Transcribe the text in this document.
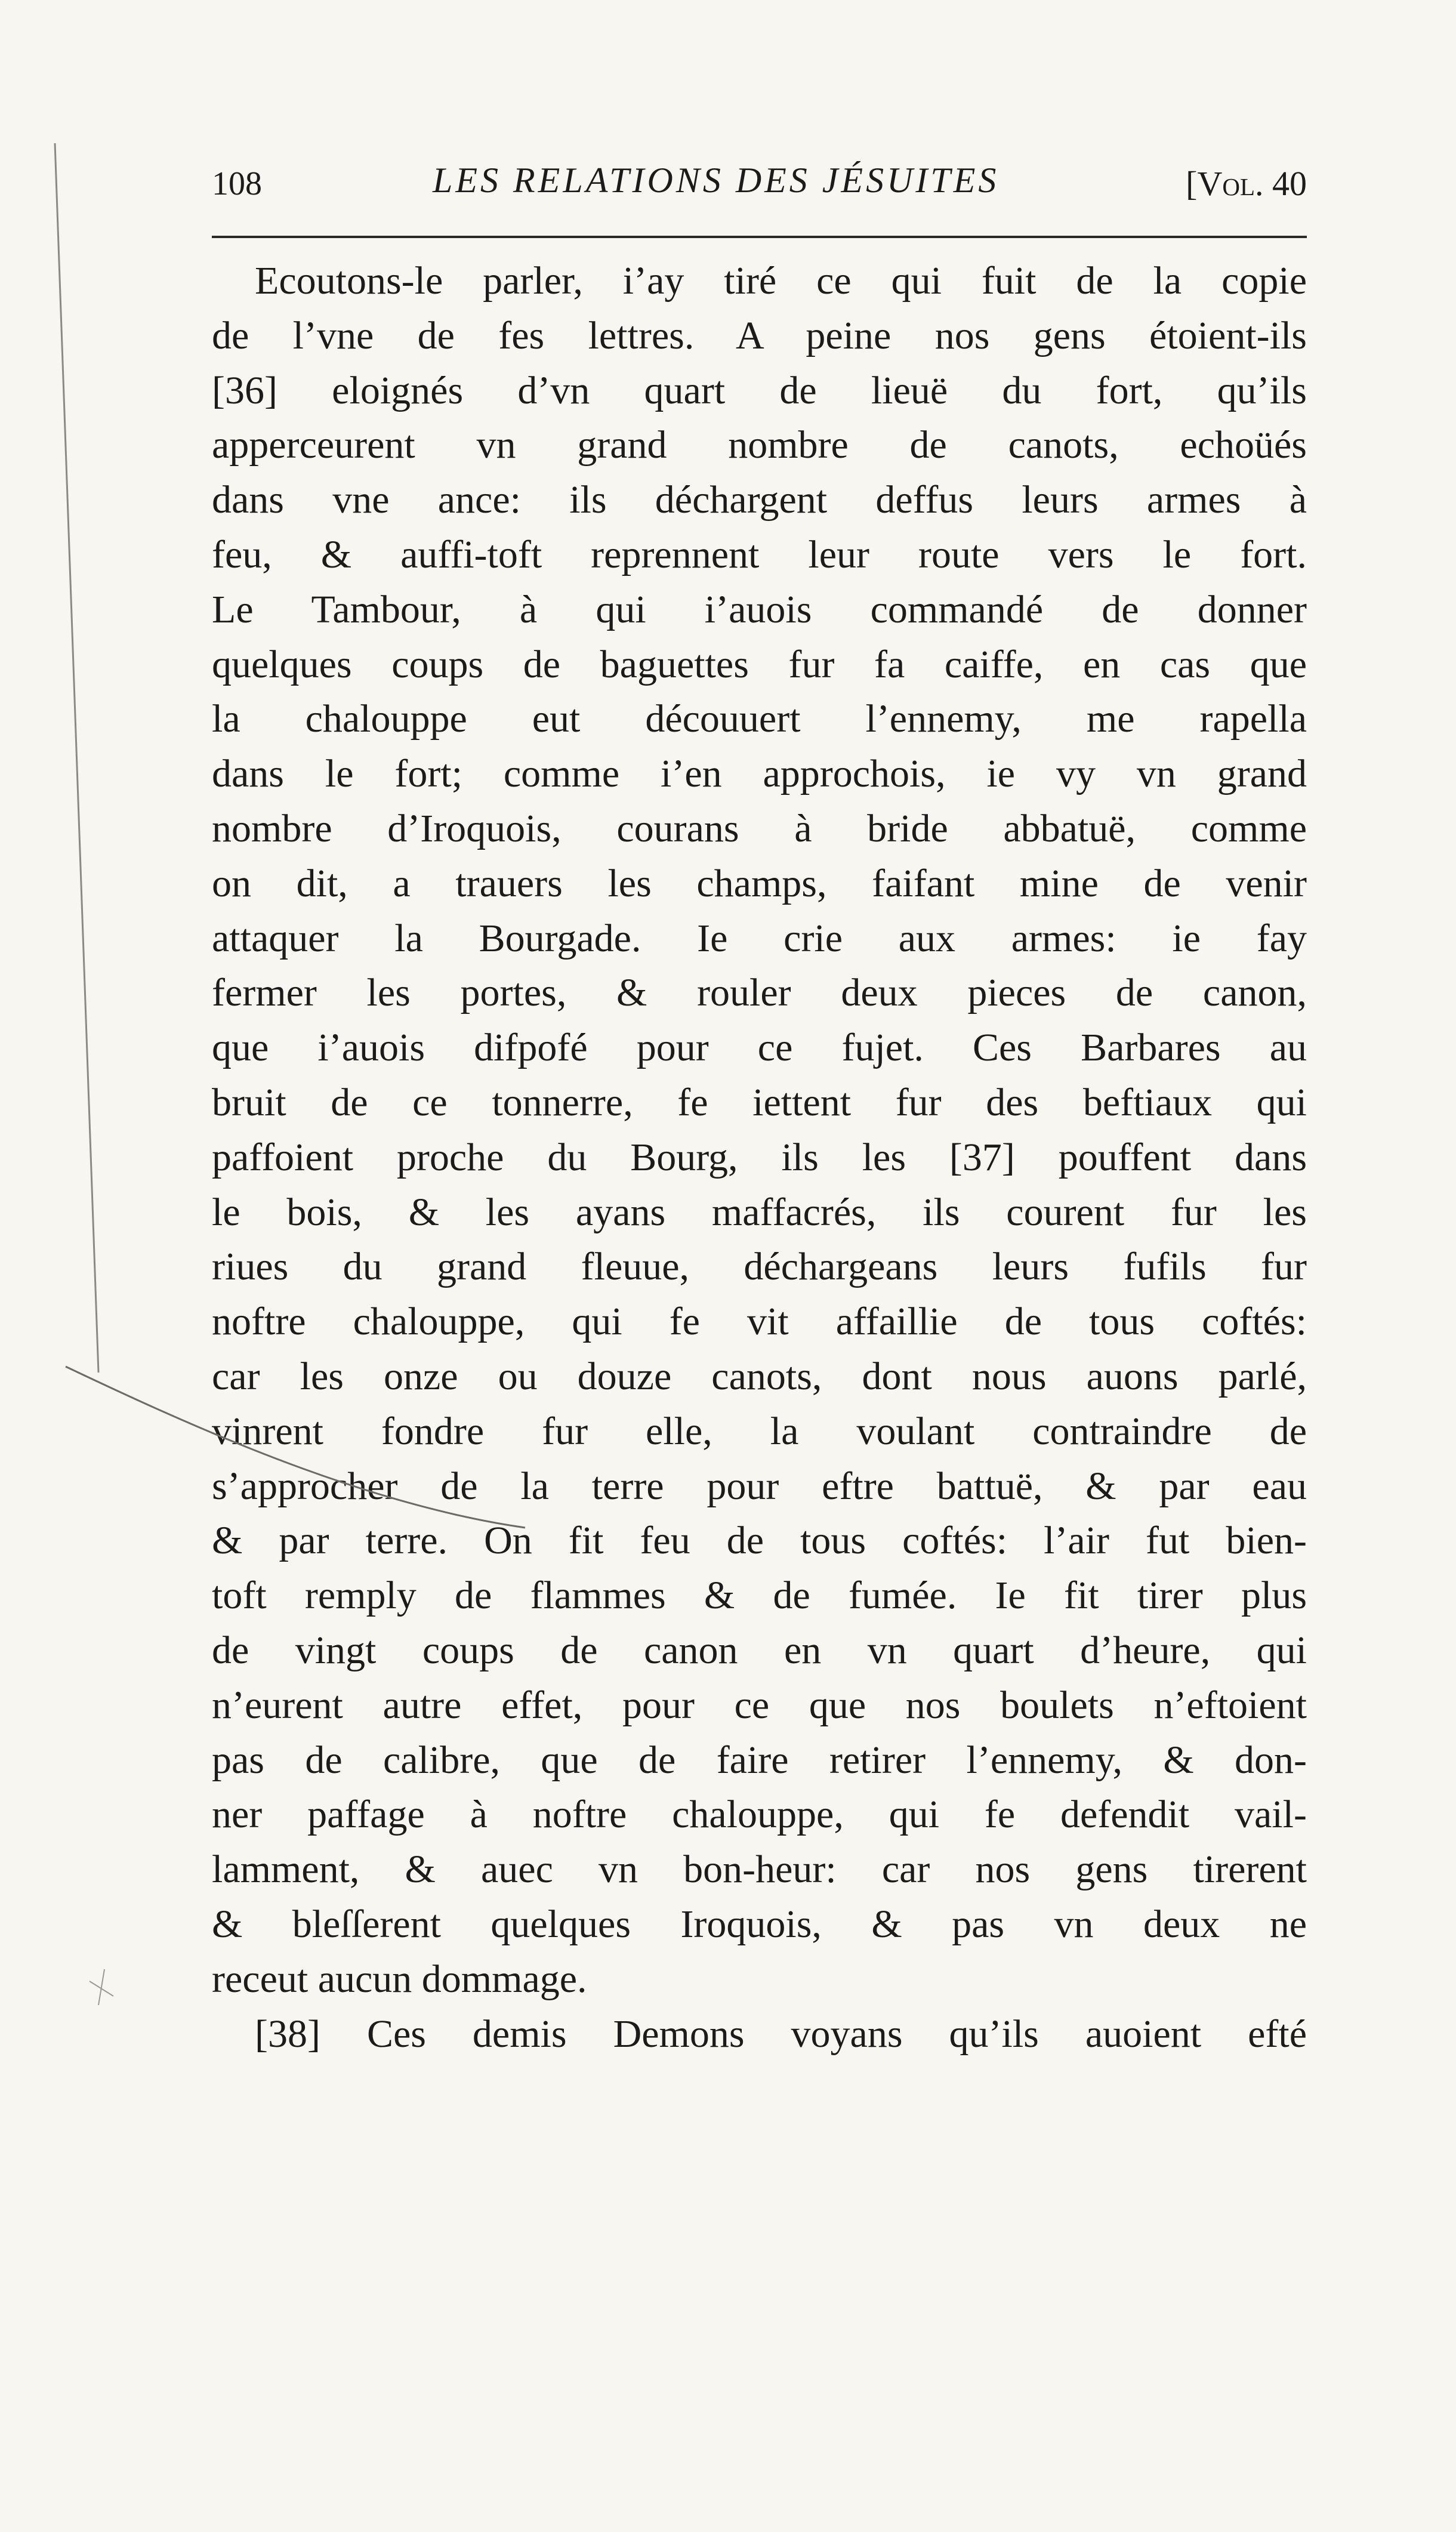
108	LES RELATIONS DES JÉSUITES	[Vol. 40
Ecoutons-le parler, i’ay tiré ce qui fuit de la copie
de l’vne de fes lettres. A peine nos gens étoient-ils
[36] eloignés d’vn quart de lieuë du fort, qu’ils
apperceurent vn grand nombre de canots, echoüés
dans vne ance: ils déchargent deffus leurs armes à
feu, & auffi-toft reprennent leur route vers le fort.
Le Tambour, à qui i’auois commandé de donner
quelques coups de baguettes fur fa caiffe, en cas que
la chalouppe eut découuert l’ennemy, me rapella
dans le fort; comme i’en approchois, ie vy vn grand
nombre d’Iroquois, courans à bride abbatuë, comme
on dit, a trauers les champs, faifant mine de venir
attaquer la Bourgade. Ie crie aux armes: ie fay
fermer les portes, & rouler deux pieces de canon,
que i’auois difpofé pour ce fujet. Ces Barbares au
bruit de ce tonnerre, fe iettent fur des beftiaux qui
paffoient proche du Bourg, ils les [37] pouffent dans
le bois, & les ayans maffacrés, ils courent fur les
riues du grand fleuue, déchargeans leurs fufils fur
noftre chalouppe, qui fe vit affaillie de tous coftés:
car les onze ou douze canots, dont nous auons parlé,
vinrent fondre fur elle, la voulant contraindre de
s’approcher de la terre pour eftre battuë, & par eau
& par terre. On fit feu de tous coftés: l’air fut bien-
toft remply de flammes & de fumée. Ie fit tirer plus
de vingt coups de canon en vn quart d’heure, qui
n’eurent autre effet, pour ce que nos boulets n’eftoient
pas de calibre, que de faire retirer l’ennemy, & don-
ner paffage à noftre chalouppe, qui fe defendit vail-
lamment, & auec vn bon-heur: car nos gens tirerent
& bleſſerent quelques Iroquois, & pas vn deux ne
receut aucun dommage.
[38] Ces demis Demons voyans qu’ils auoient efté
